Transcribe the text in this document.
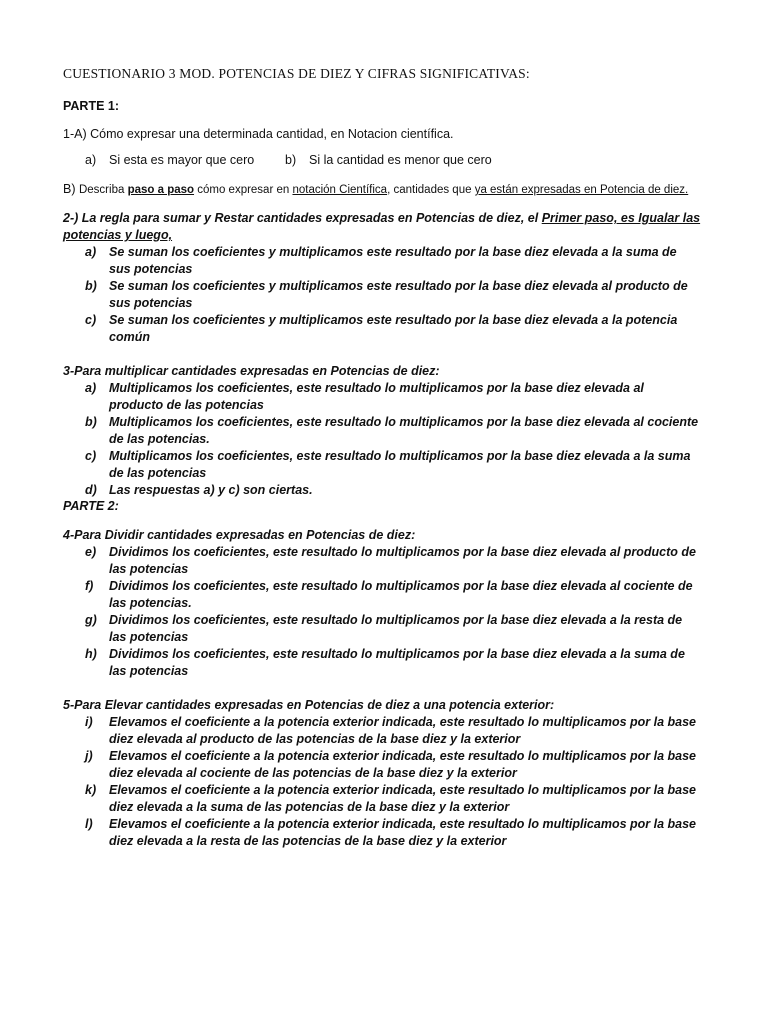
CUESTIONARIO 3 MOD. POTENCIAS DE DIEZ Y CIFRAS SIGNIFICATIVAS:

PARTE 1:

1-A) Cómo expresar una determinada cantidad, en Notacion científica.
a)	Si esta es mayor que cero b)	Si la cantidad es menor que cero
B) Describa paso a paso cómo expresar en notación Científica, cantidades que ya están expresadas en Potencia de diez.

2-) La regla para sumar y Restar cantidades expresadas en Potencias de diez, el Primer paso, es Igualar las potencias y luego,

a)	Se suman los coeficientes y multiplicamos este resultado por la base diez elevada a la suma de sus potencias
b) Se suman los coeficientes y multiplicamos este resultado por la base diez elevada al producto de sus potencias
c)	Se suman los coeficientes y multiplicamos este resultado por la base diez elevada a la potencia común

3-Para multiplicar cantidades expresadas en Potencias de diez:

a)	Multiplicamos los coeficientes, este resultado lo multiplicamos por la base diez elevada al producto de las potencias
b) Multiplicamos los coeficientes, este resultado lo multiplicamos por la base diez elevada al cociente de las potencias.
c)	Multiplicamos los coeficientes, este resultado lo multiplicamos por la base diez elevada a la suma de las potencias
d) Las respuestas a) y c) son ciertas.

PARTE 2:

4-Para Dividir cantidades expresadas en Potencias de diez:

e)	Dividimos los coeficientes, este resultado lo multiplicamos por la base diez elevada al producto de las potencias
f)	Dividimos los coeficientes, este resultado lo multiplicamos por la base diez elevada al cociente de las potencias.
g) Dividimos los coeficientes, este resultado lo multiplicamos por la base diez elevada a la resta de las potencias
h) Dividimos los coeficientes, este resultado lo multiplicamos por la base diez elevada a la suma de las potencias

5-Para Elevar cantidades expresadas en Potencias de diez a una potencia exterior:

i)	Elevamos el coeficiente a la potencia exterior indicada, este resultado lo multiplicamos por la base diez elevada al producto de las potencias de la base diez y la exterior
j)	Elevamos el coeficiente a la potencia exterior indicada, este resultado lo multiplicamos por la base diez elevada al cociente de las potencias de la base diez y la exterior
k)	Elevamos el coeficiente a la potencia exterior indicada, este resultado lo multiplicamos por la base diez elevada a la suma de las potencias de la base diez y la exterior
l)	Elevamos el coeficiente a la potencia exterior indicada, este resultado lo multiplicamos por la base diez elevada a la resta de las potencias de la base diez y la exterior
